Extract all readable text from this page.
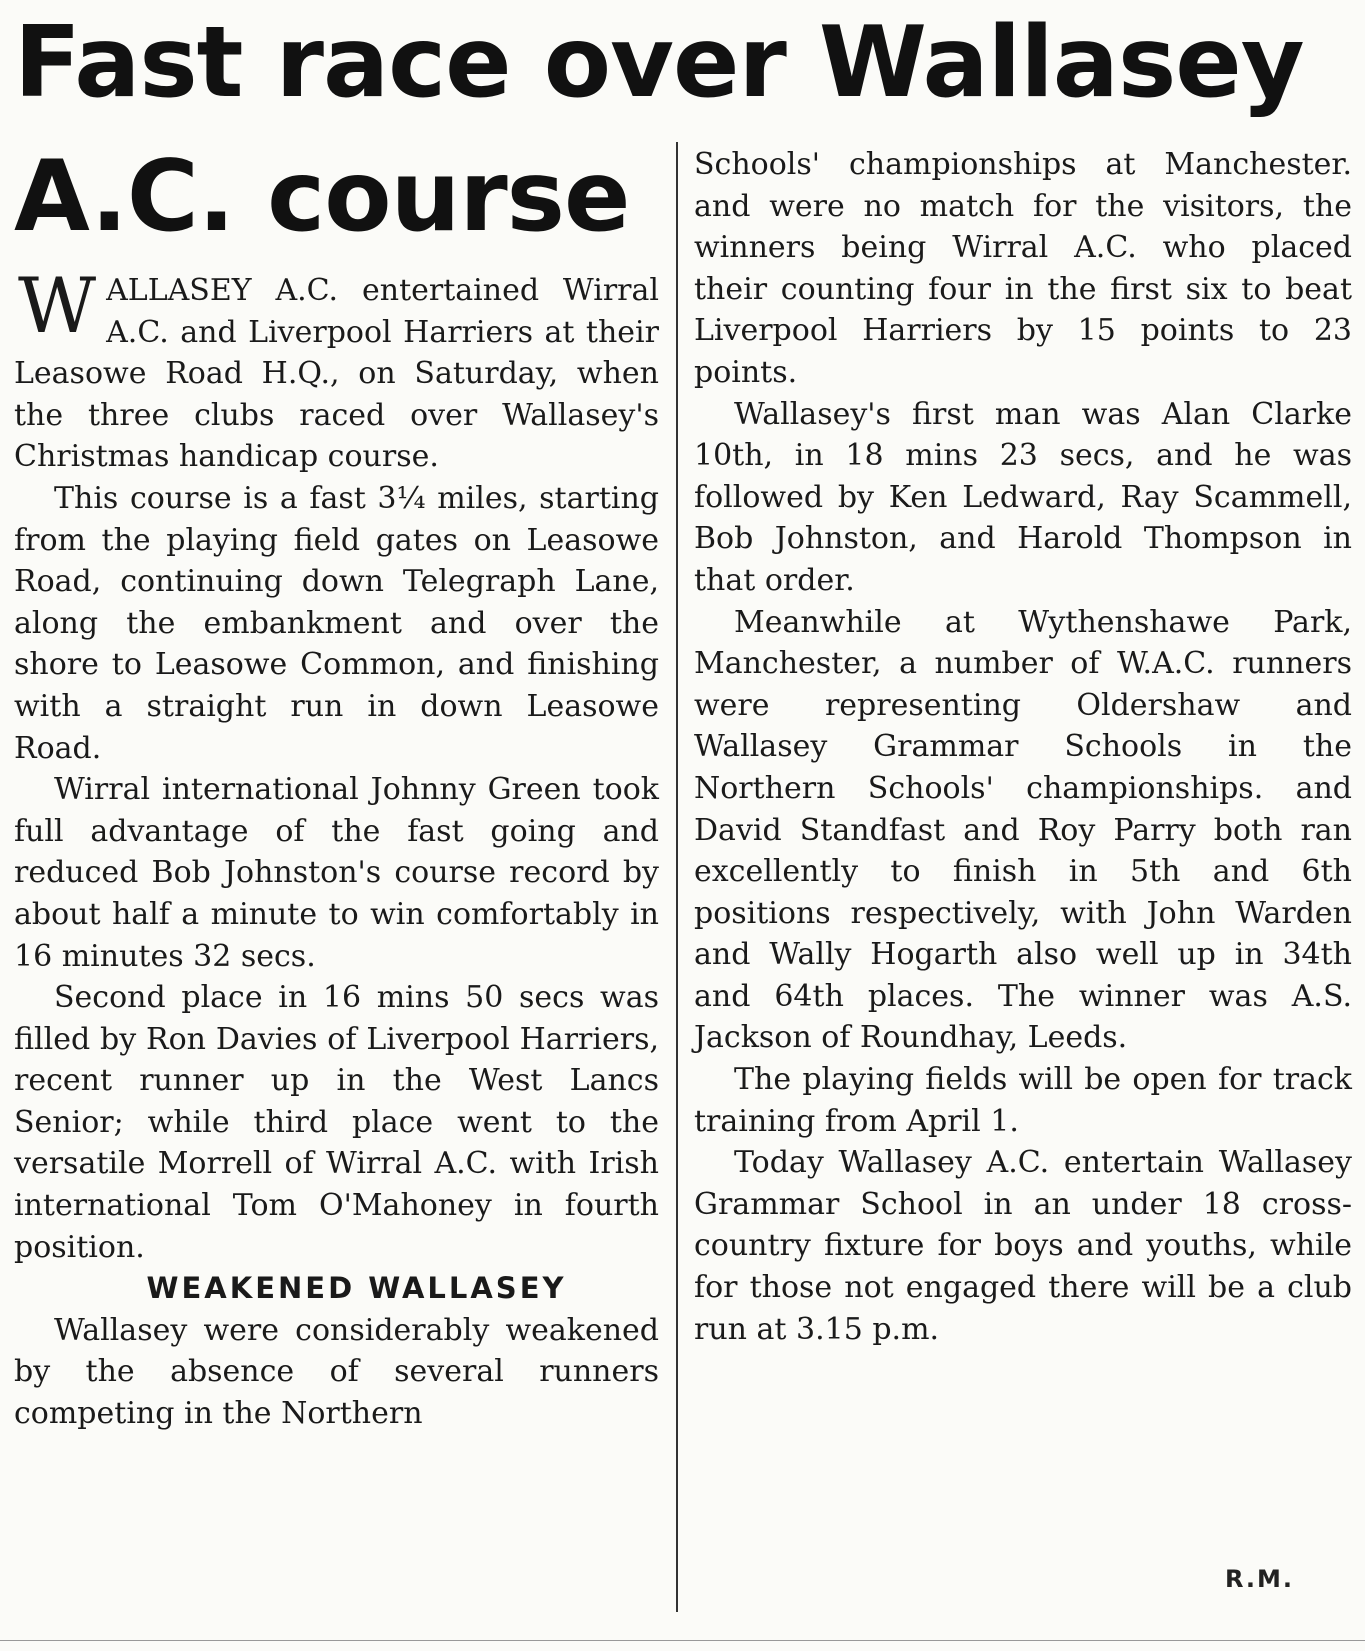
Fast race over Wallasey
A.C. course

WALLASEY A.C. entertained Wirral A.C. and Liverpool Harriers at their Leasowe Road H.Q., on Saturday, when the three clubs raced over Wallasey's Christmas handicap course.

This course is a fast 3¼ miles, starting from the playing field gates on Leasowe Road, continuing down Telegraph Lane, along the embankment and over the shore to Leasowe Common, and finishing with a straight run in down Leasowe Road.

Wirral international Johnny Green took full advantage of the fast going and reduced Bob Johnston's course record by about half a minute to win comfortably in 16 minutes 32 secs.

Second place in 16 mins 50 secs was filled by Ron Davies of Liverpool Harriers, recent runner up in the West Lancs Senior; while third place went to the versatile Morrell of Wirral A.C. with Irish international Tom O'Mahoney in fourth position.

WEAKENED WALLASEY

Wallasey were considerably weakened by the absence of several runners competing in the Northern

Schools' championships at Manchester. and were no match for the visitors, the winners being Wirral A.C. who placed their counting four in the first six to beat Liverpool Harriers by 15 points to 23 points.

Wallasey's first man was Alan Clarke 10th, in 18 mins 23 secs, and he was followed by Ken Ledward, Ray Scammell, Bob Johnston, and Harold Thompson in that order.

Meanwhile at Wythenshawe Park, Manchester, a number of W.A.C. runners were representing Oldershaw and Wallasey Grammar Schools in the Northern Schools' championships. and David Standfast and Roy Parry both ran excellently to finish in 5th and 6th positions respectively, with John Warden and Wally Hogarth also well up in 34th and 64th places. The winner was A.S. Jackson of Roundhay, Leeds.

The playing fields will be open for track training from April 1.

Today Wallasey A.C. entertain Wallasey Grammar School in an under 18 cross-country fixture for boys and youths, while for those not engaged there will be a club run at 3.15 p.m.

R.M.
